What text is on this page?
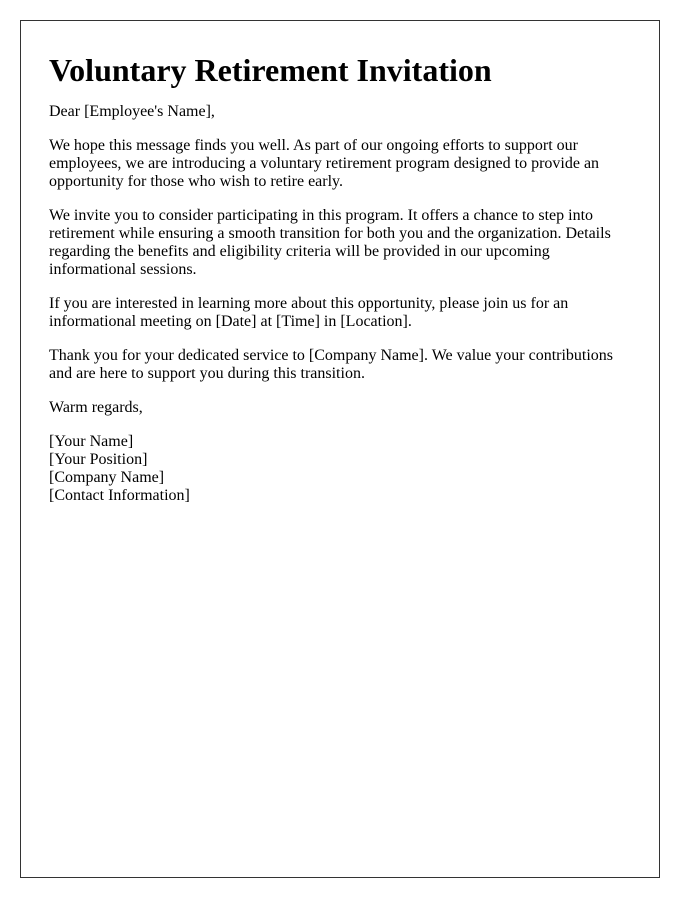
Voluntary Retirement Invitation

Dear [Employee's Name],

We hope this message finds you well. As part of our ongoing efforts to support our employees, we are introducing a voluntary retirement program designed to provide an opportunity for those who wish to retire early.

We invite you to consider participating in this program. It offers a chance to step into retirement while ensuring a smooth transition for both you and the organization. Details regarding the benefits and eligibility criteria will be provided in our upcoming informational sessions.

If you are interested in learning more about this opportunity, please join us for an informational meeting on [Date] at [Time] in [Location].

Thank you for your dedicated service to [Company Name]. We value your contributions and are here to support you during this transition.

Warm regards,

[Your Name]

[Your Position]

[Company Name]

[Contact Information]
